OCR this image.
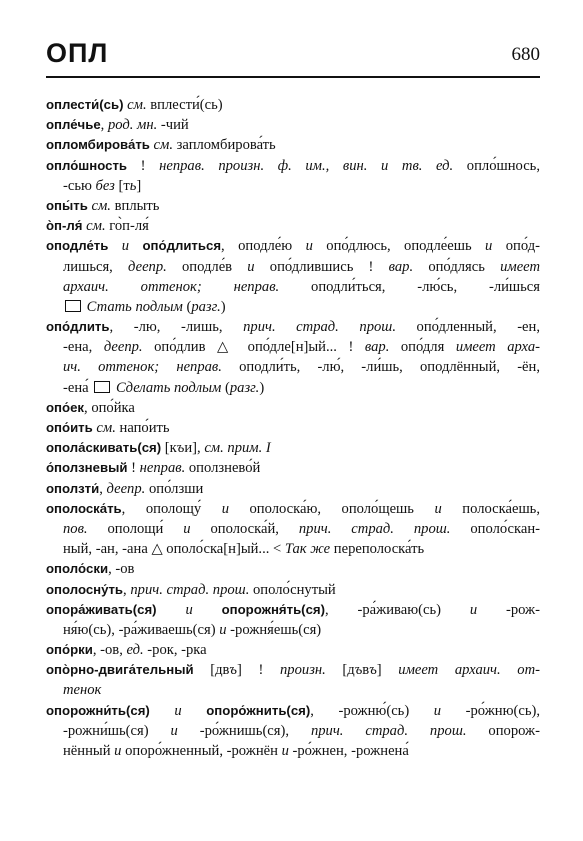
ОПЛ	680
оплести́(сь) см. вплести́(сь)
опле́чье, род. мн. -чий
опломбирова́ть см. запломбирова́ть
опло́шность ! неправ. произн. ф. им., вин. и тв. ед. опло́шнось,
-сью без [ть]
опы́ть см. вплыть
о̀п-ля́ см. го̀п-ля́
оподле́ть и опо́длиться, оподле́ю и опо́длюсь, оподле́ешь и опо́д-
лишься, деепр. оподле́в и опо́длившись ! вар. опо́длясь имеет
архаич. оттенок; неправ. оподли́ться, -лю́сь, -ли́шься
Стать подлым (разг.)
опо́длить, -лю, -лишь, прич. страд. прош. опо́дленный, -ен,
-ена, деепр. опо́длив △ опо́дле[н]ый... ! вар. опо́для имеет арха-
ич. оттенок; неправ. оподли́ть, -лю́, -ли́шь, оподлённый, -ён,
-ена́  Сделать подлым (разг.)
опо́ек, опо́йка
опо́ить см. напо́ить
опола́скивать(ся) [къи], см. прим. I
о́ползневый ! неправ. оползнево́й
оползти́, деепр. опо́лзши
ополоска́ть, ополощу́ и ополоска́ю, ополо́щешь и полоска́ешь,
пов. ополощи́ и ополоска́й, прич. страд. прош. ополо́скан-
ный, -ан, -ана △ ополо́ска[н]ый... < Так же переполоска́ть
ополо́ски, -ов
ополосну́ть, прич. страд. прош. ополо́снутый
опора́живать(ся) и опорожня́ть(ся), -ра́живаю(сь) и -рож-
ня́ю(сь), -ра́живаешь(ся) и -рожня́ешь(ся)
опо́рки, -ов, ед. -рок, -рка
опо̀рно-двига́тельный [двъ] ! произн. [дъвъ] имеет архаич. от-
тенок
опорожни́ть(ся) и опоро́жнить(ся), -рожню́(сь) и -ро́жню(сь),
-рожни́шь(ся) и -ро́жнишь(ся), прич. страд. прош. опорож-
нённый и опоро́жненный, -рожнён и -ро́жнен, -рожнена́
